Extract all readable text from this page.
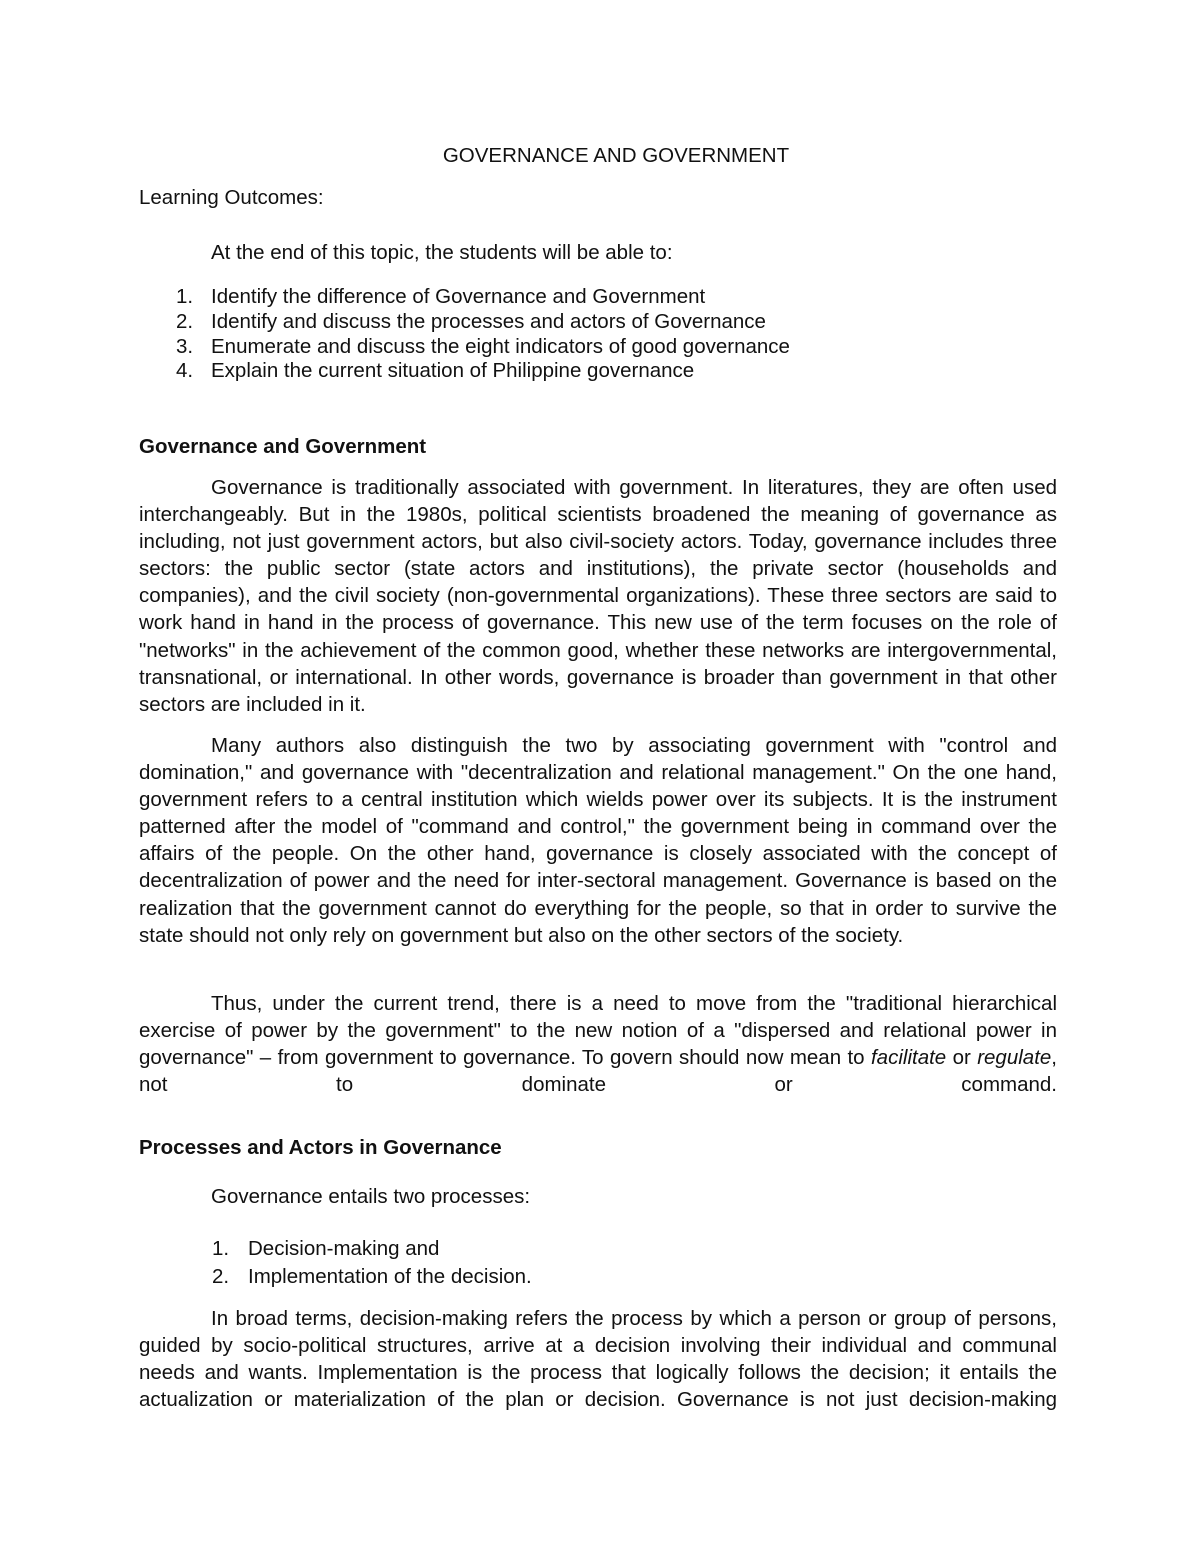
GOVERNANCE AND GOVERNMENT
Learning Outcomes:
At the end of this topic, the students will be able to:
1. Identify the difference of Governance and Government
2. Identify and discuss the processes and actors of Governance
3. Enumerate and discuss the eight indicators of good governance
4. Explain the current situation of Philippine governance
Governance and Government

Governance is traditionally associated with government. In literatures, they are often used interchangeably. But in the 1980s, political scientists broadened the meaning of governance as including, not just government actors, but also civil-society actors. Today, governance includes three sectors: the public sector (state actors and institutions), the private sector (households and companies), and the civil society (non-governmental organizations). These three sectors are said to work hand in hand in the process of governance. This new use of the term focuses on the role of "networks" in the achievement of the common good, whether these networks are intergovernmental, transnational, or international. In other words, governance is broader than government in that other sectors are included in it.

Many authors also distinguish the two by associating government with "control and domination," and governance with "decentralization and relational management." On the one hand, government refers to a central institution which wields power over its subjects. It is the instrument patterned after the model of "command and control," the government being in command over the affairs of the people. On the other hand, governance is closely associated with the concept of decentralization of power and the need for inter-sectoral management. Governance is based on the realization that the government cannot do everything for the people, so that in order to survive the state should not only rely on government but also on the other sectors of the society.

Thus, under the current trend, there is a need to move from the "traditional hierarchical exercise of power by the government" to the new notion of a "dispersed and relational power in governance" – from government to governance. To govern should now mean to facilitate or regulate, not to dominate or command.

Processes and Actors in Governance
Governance entails two processes:
1. Decision-making and
2. Implementation of the decision.

In broad terms, decision-making refers the process by which a person or group of persons, guided by socio-political structures, arrive at a decision involving their individual and communal needs and wants. Implementation is the process that logically follows the decision; it entails the actualization or materialization of the plan or decision. Governance is not just decision-making
